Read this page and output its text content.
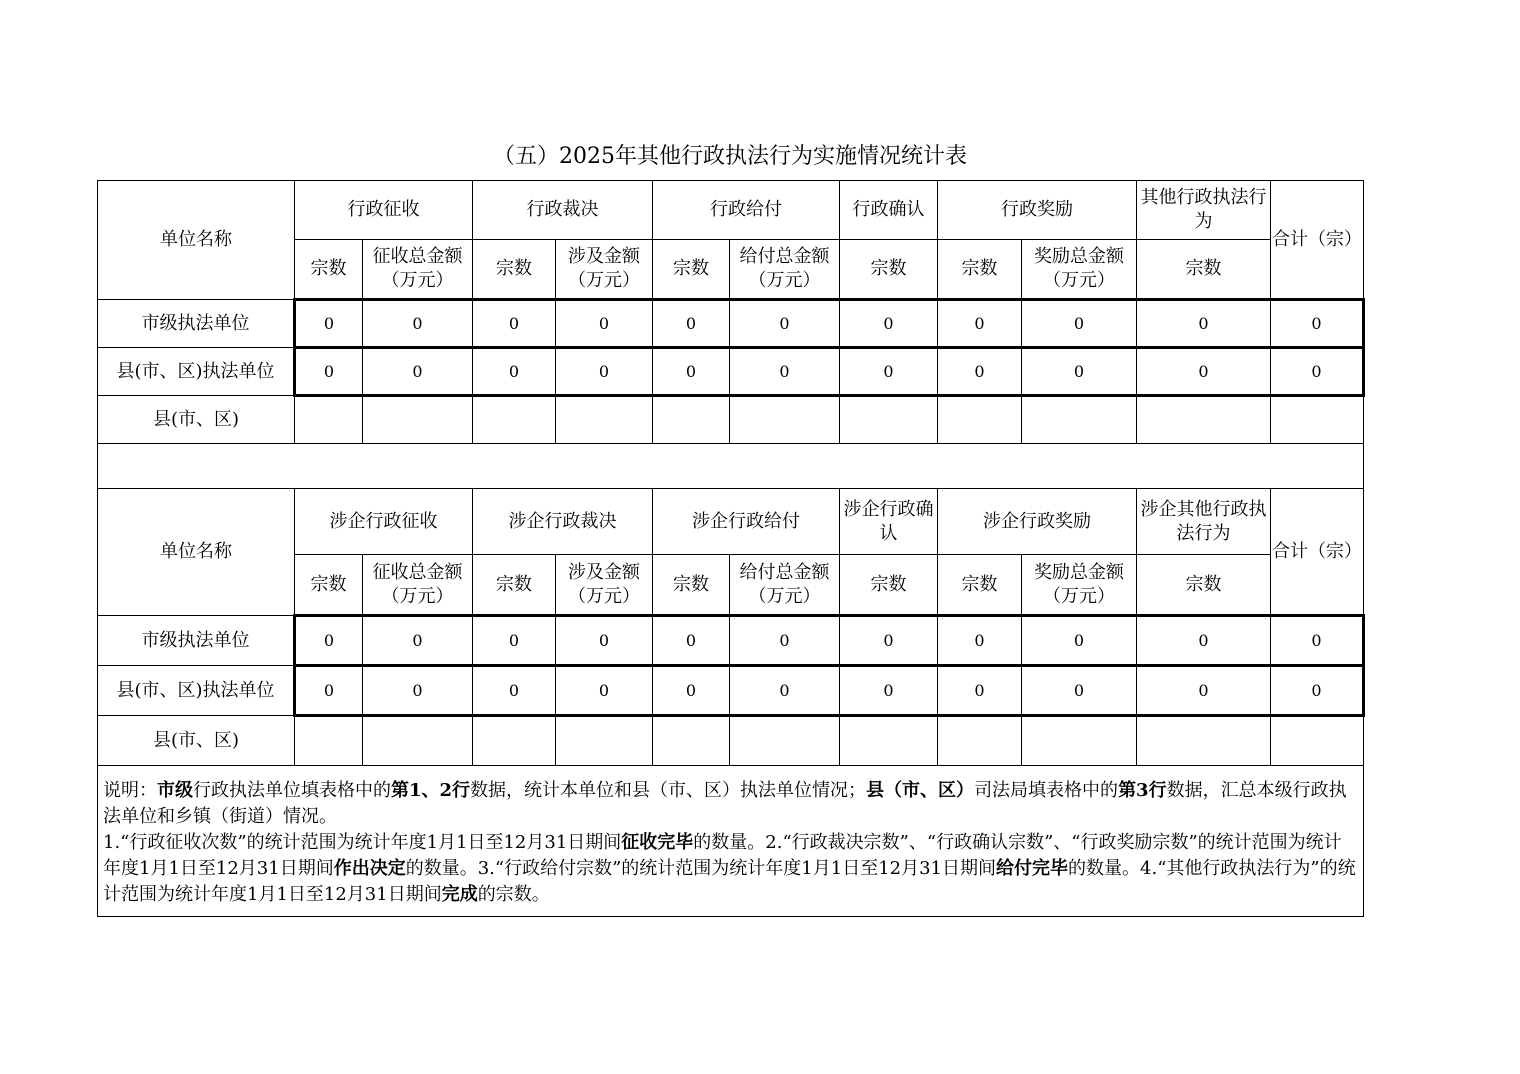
（五）2025年其他行政执法行为实施情况统计表
单位名称	行政征收		行政裁决		行政给付		行政确认	行政奖励		其他行政执法行为	合计（宗）
	宗数	征收总金额（万元）	宗数	涉及金额（万元）	宗数	给付总金额（万元）	宗数	宗数	奖励总金额（万元）	宗数	
市级执法单位	0	0	0	0	0	0	0	0	0	0	0
县(市、区)执法单位	0	0	0	0	0	0	0	0	0	0	0
县(市、区)											

单位名称	涉企行政征收		涉企行政裁决		涉企行政给付		涉企行政确认	涉企行政奖励		涉企其他行政执法行为	合计（宗）
	宗数	征收总金额（万元）	宗数	涉及金额（万元）	宗数	给付总金额（万元）	宗数	宗数	奖励总金额（万元）	宗数	
市级执法单位	0	0	0	0	0	0	0	0	0	0	0
县(市、区)执法单位	0	0	0	0	0	0	0	0	0	0	0
县(市、区)											

说明：市级行政执法单位填表格中的第1、2行数据，统计本单位和县（市、区）执法单位情况；县（市、区）司法局填表格中的第3行数据，汇总本级行政执法单位和乡镇（街道）情况。
1.“行政征收次数”的统计范围为统计年度1月1日至12月31日期间征收完毕的数量。2.“行政裁决宗数”、“行政确认宗数”、“行政奖励宗数”的统计范围为统计年度1月1日至12月31日期间作出决定的数量。3.“行政给付宗数”的统计范围为统计年度1月1日至12月31日期间给付完毕的数量。4.“其他行政执法行为”的统计范围为统计年度1月1日至12月31日期间完成的宗数。											
